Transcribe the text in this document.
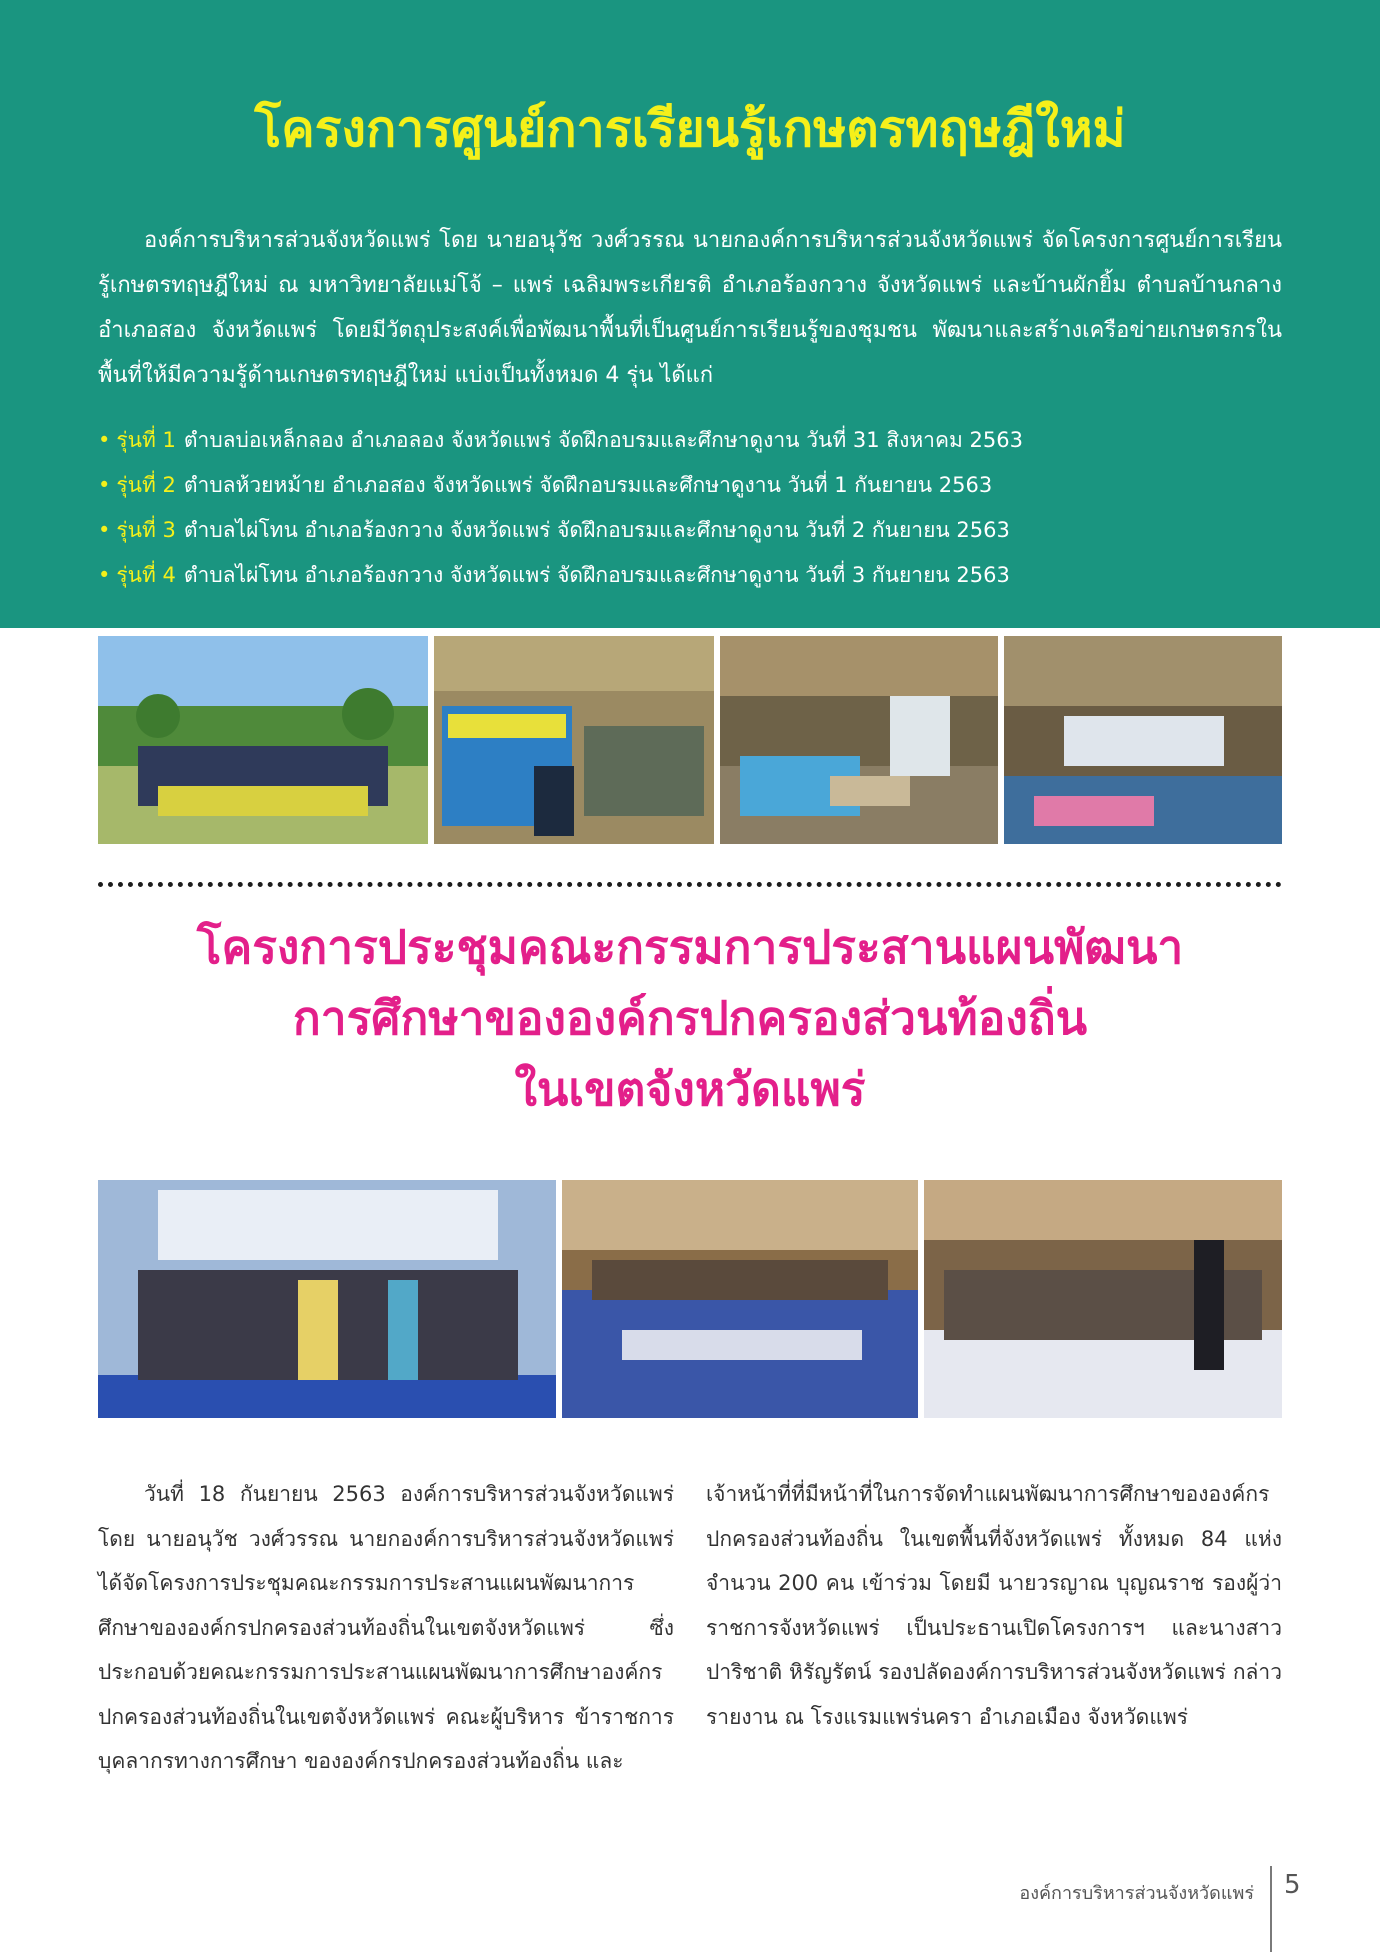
โครงการศูนย์การเรียนรู้เกษตรทฤษฎีใหม่

องค์การบริหารส่วนจังหวัดแพร่ โดย นายอนุวัช วงศ์วรรณ นายกองค์การบริหารส่วนจังหวัดแพร่ จัดโครงการศูนย์การเรียนรู้เกษตรทฤษฎีใหม่ ณ มหาวิทยาลัยแม่โจ้ – แพร่ เฉลิมพระเกียรติ อำเภอร้องกวาง จังหวัดแพร่ และบ้านผักยิ้ม ตำบลบ้านกลาง อำเภอสอง จังหวัดแพร่ โดยมีวัตถุประสงค์เพื่อพัฒนาพื้นที่เป็นศูนย์การเรียนรู้ของชุมชน พัฒนาและสร้างเครือข่ายเกษตรกรในพื้นที่ให้มีความรู้ด้านเกษตรทฤษฎีใหม่ แบ่งเป็นทั้งหมด 4 รุ่น ได้แก่

• รุ่นที่ 1 ตำบลบ่อเหล็กลอง อำเภอลอง จังหวัดแพร่ จัดฝึกอบรมและศึกษาดูงาน วันที่ 31 สิงหาคม 2563
• รุ่นที่ 2 ตำบลห้วยหม้าย อำเภอสอง จังหวัดแพร่ จัดฝึกอบรมและศึกษาดูงาน วันที่ 1 กันยายน 2563
• รุ่นที่ 3 ตำบลไผ่โทน อำเภอร้องกวาง จังหวัดแพร่ จัดฝึกอบรมและศึกษาดูงาน วันที่ 2 กันยายน 2563
• รุ่นที่ 4 ตำบลไผ่โทน อำเภอร้องกวาง จังหวัดแพร่ จัดฝึกอบรมและศึกษาดูงาน วันที่ 3 กันยายน 2563
โครงการประชุมคณะกรรมการประสานแผนพัฒนา
การศึกษาขององค์กรปกครองส่วนท้องถิ่น
ในเขตจังหวัดแพร่

วันที่ 18 กันยายน 2563 องค์การบริหารส่วนจังหวัดแพร่ โดย นายอนุวัช วงศ์วรรณ นายกองค์การบริหารส่วนจังหวัดแพร่ ได้จัดโครงการประชุมคณะกรรมการประสานแผนพัฒนาการศึกษาขององค์กรปกครองส่วนท้องถิ่นในเขตจังหวัดแพร่ ซึ่งประกอบด้วยคณะกรรมการประสานแผนพัฒนาการศึกษาองค์กรปกครองส่วนท้องถิ่นในเขตจังหวัดแพร่ คณะผู้บริหาร ข้าราชการ บุคลากรทางการศึกษา ขององค์กรปกครองส่วนท้องถิ่น และ

เจ้าหน้าที่ที่มีหน้าที่ในการจัดทำแผนพัฒนาการศึกษาขององค์กรปกครองส่วนท้องถิ่น ในเขตพื้นที่จังหวัดแพร่ ทั้งหมด 84 แห่ง จำนวน 200 คน เข้าร่วม โดยมี นายวรญาณ บุญณราช รองผู้ว่าราชการจังหวัดแพร่ เป็นประธานเปิดโครงการฯ และนางสาวปาริชาติ หิรัญรัตน์ รองปลัดองค์การบริหารส่วนจังหวัดแพร่ กล่าวรายงาน ณ โรงแรมแพร่นครา อำเภอเมือง จังหวัดแพร่

องค์การบริหารส่วนจังหวัดแพร่ 5
